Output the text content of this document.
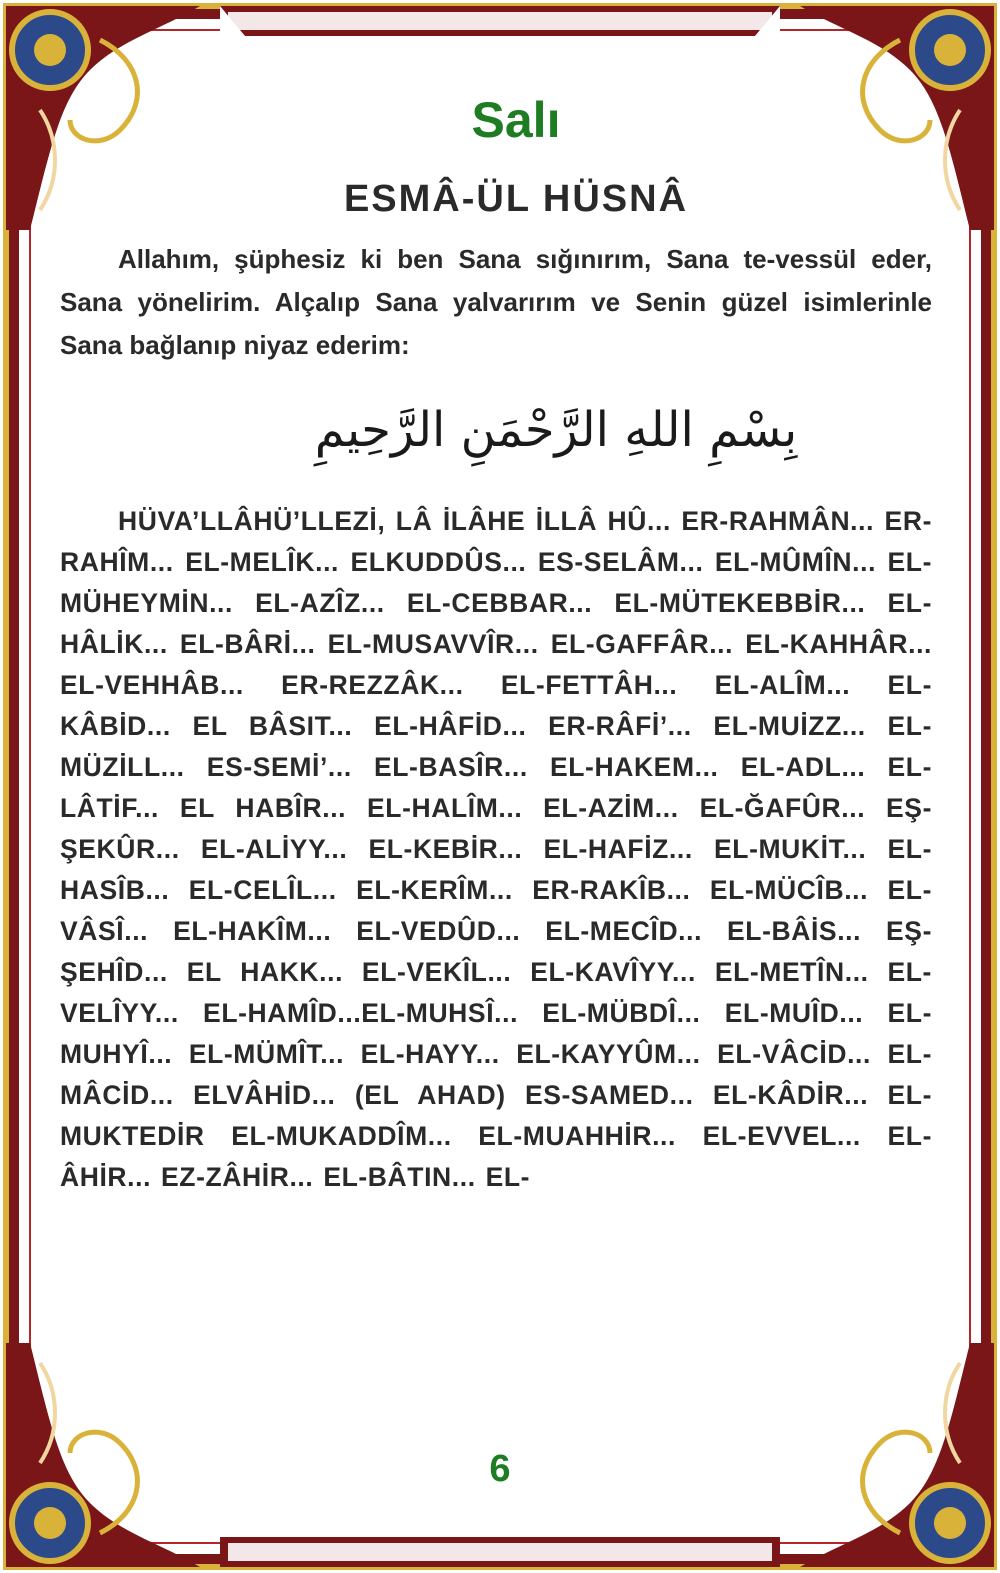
Salı
ESMÂ-ÜL HÜSNÂ

Allahım, şüphesiz ki ben Sana sığınırım, Sana te-vessül eder, Sana yönelirim. Alçalıp Sana yalvarırım ve Senin güzel isimlerinle Sana bağlanıp niyaz ederim:

بِسْمِ اللهِ الرَّحْمَنِ الرَّحِيمِ

HÜVA’LLÂHÜ’LLEZİ, LÂ İLÂHE İLLÂ HÛ... ER-RAHMÂN... ER-RAHÎM... EL-MELÎK... ELKUDDÛS... ES-SELÂM... EL-MÛMÎN... EL-MÜHEYMİN... EL-AZÎZ... EL-CEBBAR... EL-MÜTEKEBBİR... EL-HÂLİK... EL-BÂRİ... EL-MUSAVVÎR... EL-GAFFÂR... EL-KAHHÂR... EL-VEHHÂB... ER-REZZÂK... EL-FETTÂH... EL-ALÎM... EL-KÂBİD... EL BÂSIT... EL-HÂFİD... ER-RÂFİ’... EL-MUİZZ... EL-MÜZİLL... ES-SEMİ’... EL-BASÎR... EL-HAKEM... EL-ADL... EL-LÂTİF... EL HABÎR... EL-HALÎM... EL-AZİM... EL-ĞAFÛR... EŞ-ŞEKÛR... EL-ALİYY... EL-KEBİR... EL-HAFİZ... EL-MUKİT... EL-HASÎB... EL-CELÎL... EL-KERÎM... ER-RAKÎB... EL-MÜCÎB... EL-VÂSÎ... EL-HAKÎM... EL-VEDÛD... EL-MECÎD... EL-BÂİS... EŞ-ŞEHÎD... EL HAKK... EL-VEKÎL... EL-KAVÎYY... EL-METÎN... EL- VELÎYY... EL-HAMÎD...EL-MUHSÎ... EL-MÜBDÎ... EL-MUÎD... EL-MUHYÎ... EL-MÜMÎT... EL-HAYY... EL-KAYYÛM... EL-VÂCİD... EL-MÂCİD... ELVÂHİD... (EL AHAD) ES-SAMED... EL-KÂDİR... EL-MUKTEDİR EL-MUKADDÎM... EL-MUAHHİR... EL-EVVEL... EL-ÂHİR... EZ-ZÂHİR... EL-BÂTIN... EL-

6
